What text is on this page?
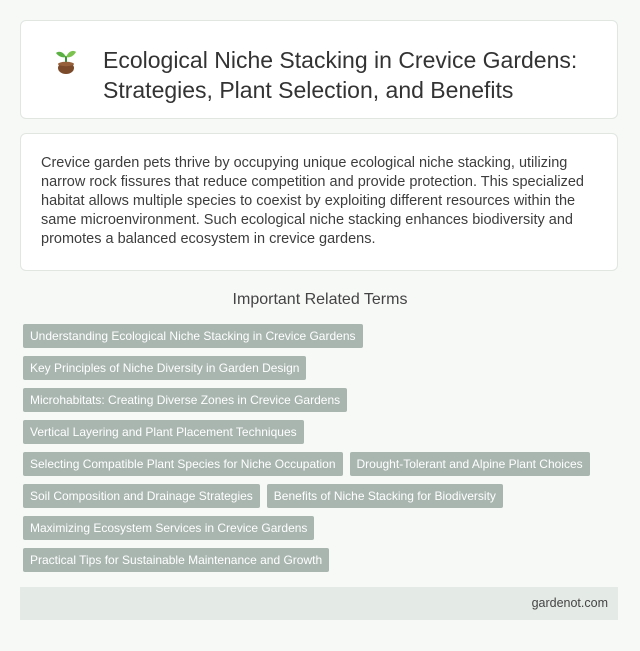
Ecological Niche Stacking in Crevice Gardens:
Strategies, Plant Selection, and Benefits

Crevice garden pets thrive by occupying unique ecological niche stacking, utilizing narrow rock fissures that reduce competition and provide protection. This specialized habitat allows multiple species to coexist by exploiting different resources within the same microenvironment. Such ecological niche stacking enhances biodiversity and promotes a balanced ecosystem in crevice gardens.

Important Related Terms
Understanding Ecological Niche Stacking in Crevice Gardens
Key Principles of Niche Diversity in Garden Design
Microhabitats: Creating Diverse Zones in Crevice Gardens
Vertical Layering and Plant Placement Techniques
Selecting Compatible Plant Species for Niche Occupation	Drought-Tolerant and Alpine Plant Choices
Soil Composition and Drainage Strategies	Benefits of Niche Stacking for Biodiversity
Maximizing Ecosystem Services in Crevice Gardens
Practical Tips for Sustainable Maintenance and Growth
gardenot.com
